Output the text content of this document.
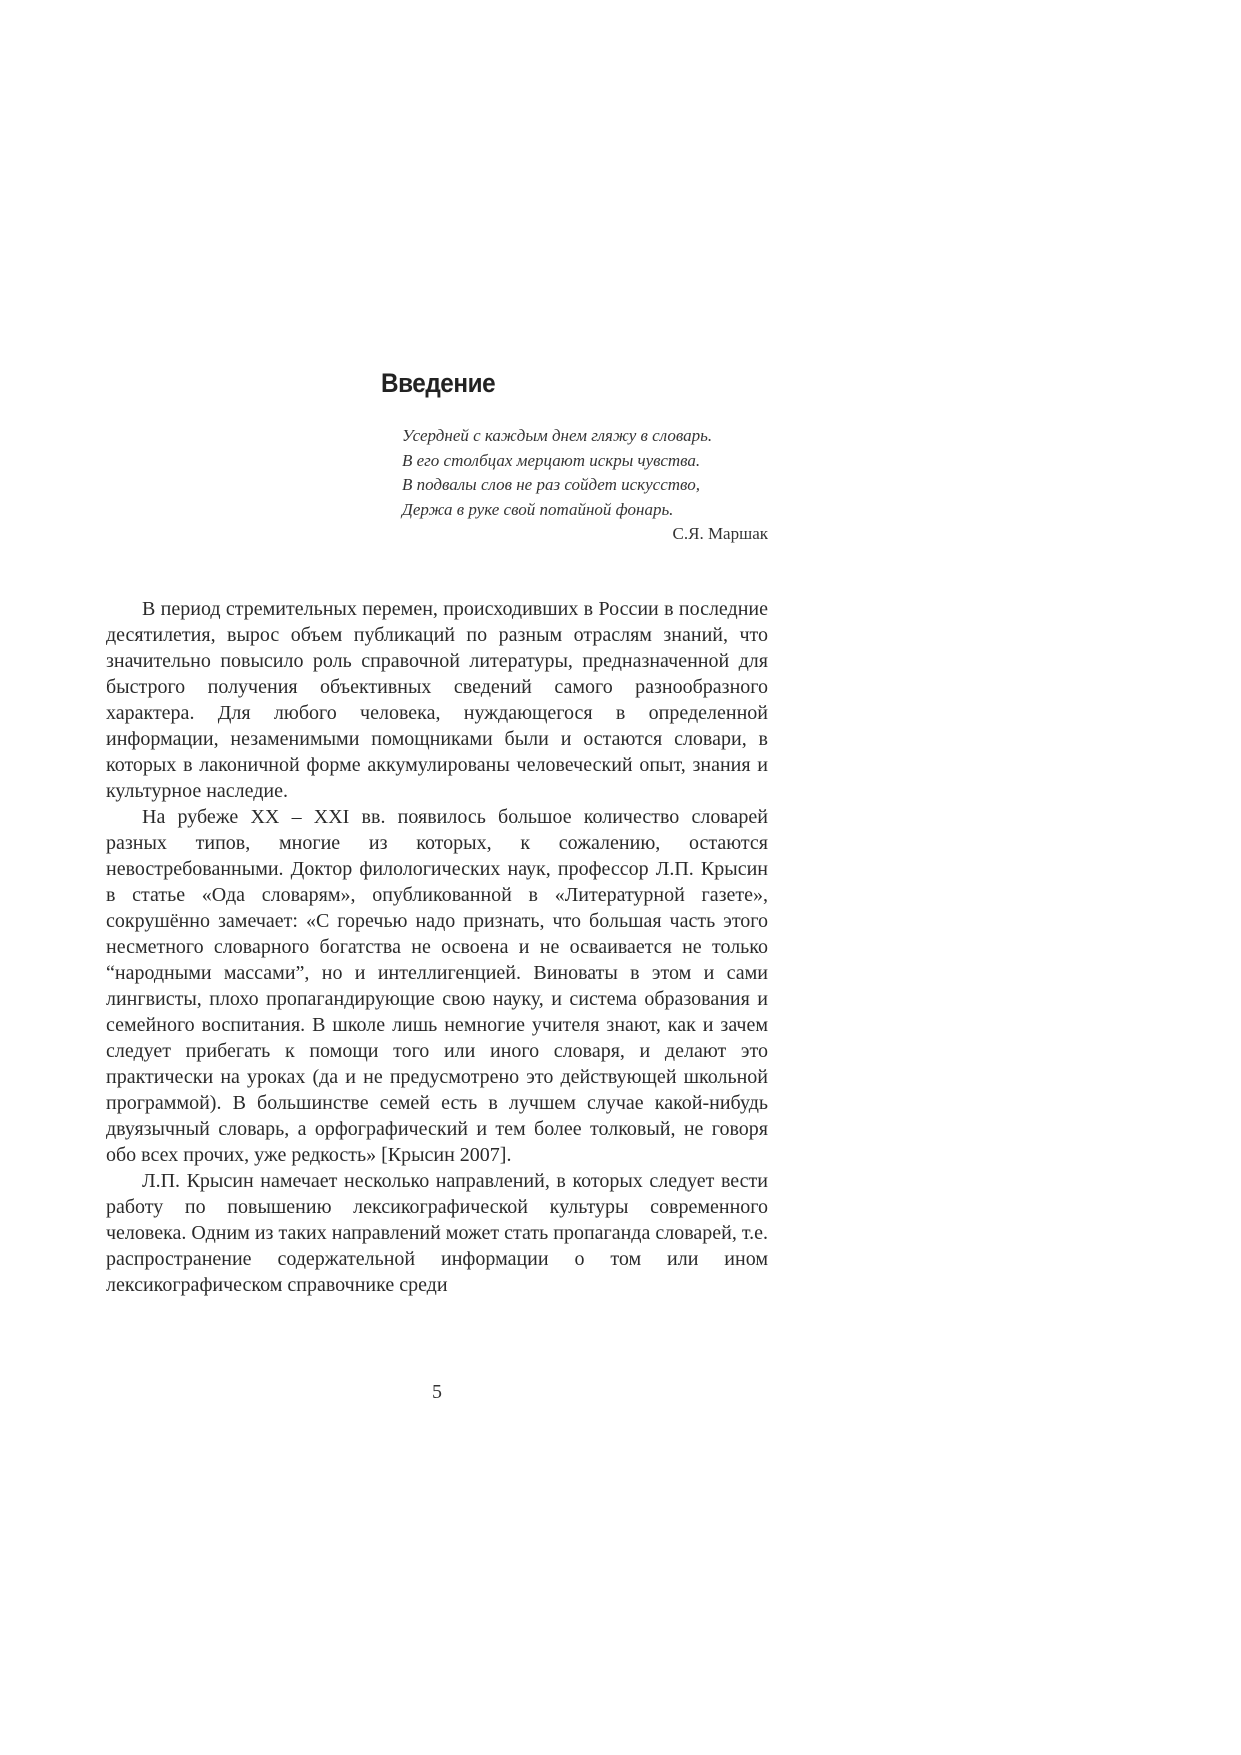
Введение
Усердней с каждым днем гляжу в словарь.
В его столбцах мерцают искры чувства.
В подвалы слов не раз сойдет искусство,
Держа в руке свой потайной фонарь.
С.Я. Маршак

В период стремительных перемен, происходивших в России в последние десятилетия, вырос объем публикаций по разным отраслям знаний, что значительно повысило роль справочной литературы, предназначенной для быстрого получения объективных сведений самого разнообразного характера. Для любого человека, нуждающегося в определенной информации, незаменимыми помощниками были и остаются словари, в которых в лаконичной форме аккумулированы человеческий опыт, знания и культурное наследие.

На рубеже XX – XXI вв. появилось большое количество словарей разных типов, многие из которых, к сожалению, остаются невостребованными. Доктор филологических наук, профессор Л.П. Крысин в статье «Ода словарям», опубликованной в «Литературной газете», сокрушённо замечает: «С горечью надо признать, что большая часть этого несметного словарного богатства не освоена и не осваивается не только “народными массами”, но и интеллигенцией. Виноваты в этом и сами лингвисты, плохо пропагандирующие свою науку, и система образования и семейного воспитания. В школе лишь немногие учителя знают, как и зачем следует прибегать к помощи того или иного словаря, и делают это практически на уроках (да и не предусмотрено это действующей школьной программой). В большинстве семей есть в лучшем случае какой-нибудь двуязычный словарь, а орфографический и тем более толковый, не говоря обо всех прочих, уже редкость» [Крысин 2007].

Л.П. Крысин намечает несколько направлений, в которых следует вести работу по повышению лексикографической культуры современного человека. Одним из таких направлений может стать пропаганда словарей, т.е. распространение содержательной информации о том или ином лексикографическом справочнике среди

5
